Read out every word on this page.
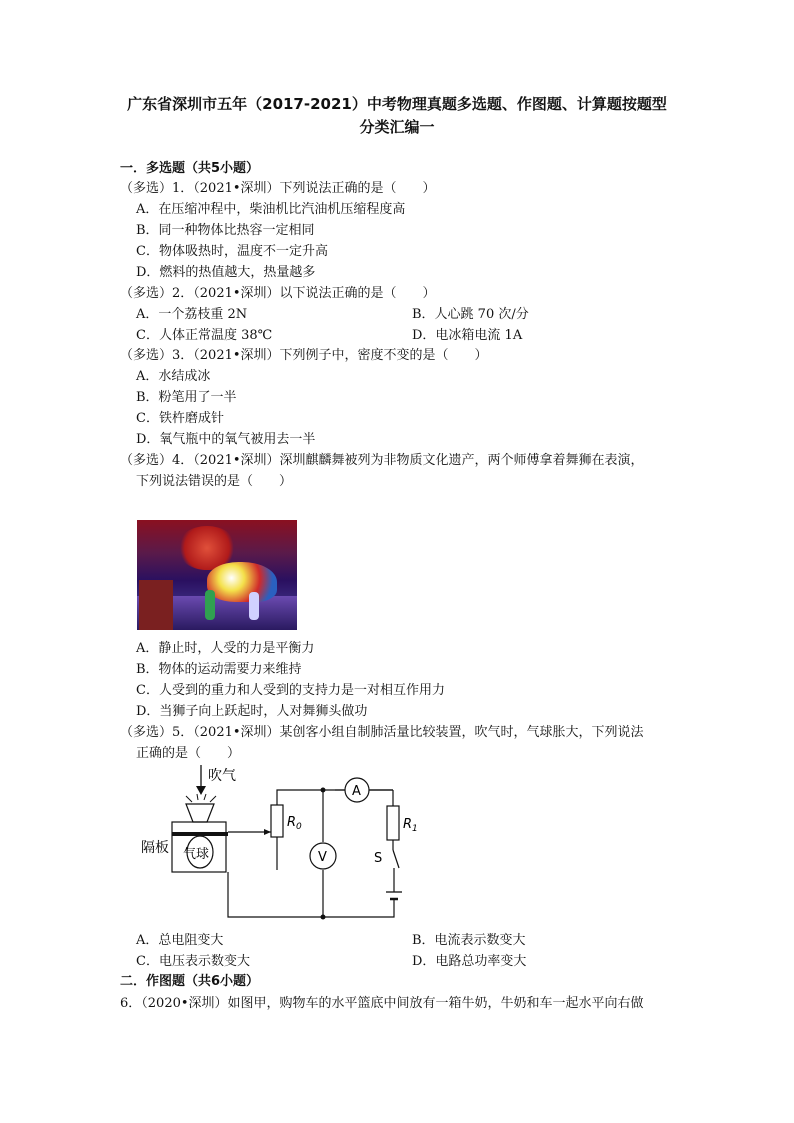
广东省深圳市五年（2017-2021）中考物理真题多选题、作图题、计算题按题型
分类汇编一
一．多选题（共5小题）
（多选）1．（2021•深圳）下列说法正确的是（　　）
A．在压缩冲程中，柴油机比汽油机压缩程度高
B．同一种物体比热容一定相同
C．物体吸热时，温度不一定升高
D．燃料的热值越大，热量越多
（多选）2．（2021•深圳）以下说法正确的是（　　）
A．一个荔枝重 2N	B．人心跳 70 次/分
C．人体正常温度 38℃	D．电冰箱电流 1A
（多选）3．（2021•深圳）下列例子中，密度不变的是（　　）
A．水结成冰
B．粉笔用了一半
C．铁杵磨成针
D．氧气瓶中的氧气被用去一半
（多选）4．（2021•深圳）深圳麒麟舞被列为非物质文化遗产，两个师傅拿着舞狮在表演，
下列说法错误的是（　　）
A．静止时，人受的力是平衡力
B．物体的运动需要力来维持
C．人受到的重力和人受到的支持力是一对相互作用力
D．当狮子向上跃起时，人对舞狮头做功
（多选）5．（2021•深圳）某创客小组自制肺活量比较装置，吹气时，气球胀大，下列说法
正确的是（　　）
吹气
气球
隔板
$R_0$
A
V
$R_1$
S
A．总电阻变大	B．电流表示数变大
C．电压表示数变大	D．电路总功率变大
二．作图题（共6小题）
6．（2020•深圳）如图甲，购物车的水平篮底中间放有一箱牛奶，牛奶和车一起水平向右做
